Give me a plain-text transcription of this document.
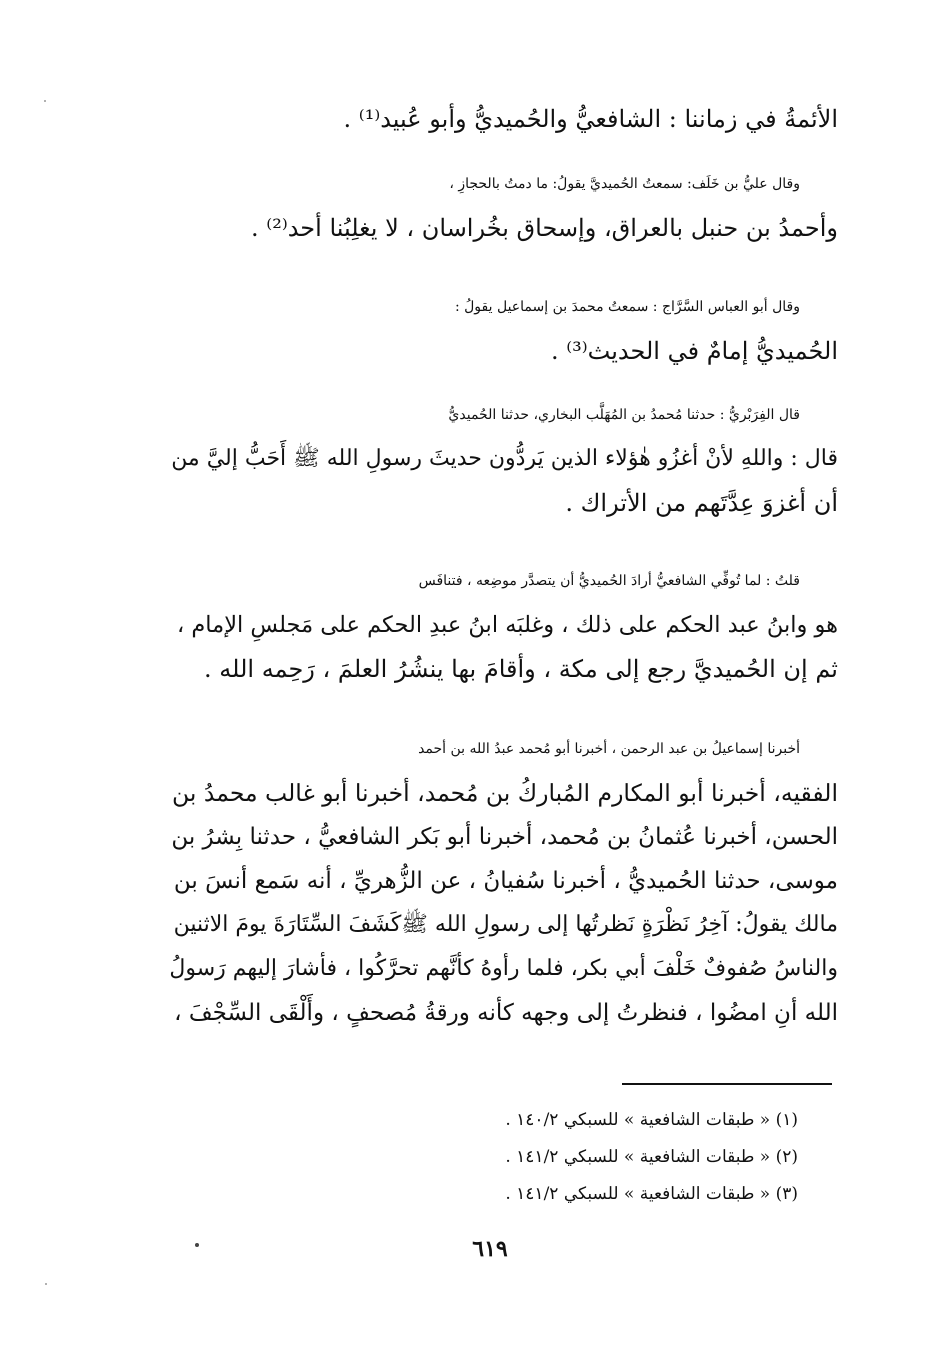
الأئمةُ في زماننا : الشافعيُّ والحُميديُّ وأبو عُبيد⁽¹⁾ .
وقال عليُّ بن خَلَف: سمعتُ الحُميديَّ يقولُ: ما دمتُ بالحجازِ ،
وأحمدُ بن حنبل بالعراق، وإسحاق بخُراسان ، لا يغلِبُنا أحد⁽²⁾ .
وقال أبو العباس السَّرَّاج : سمعتُ محمدَ بن إسماعيل يقولُ :
الحُميديُّ إمامٌ في الحديث⁽³⁾ .
قال الفِرَبْريُّ : حدثنا مُحمدُ بن المُهَلَّب البخاري، حدثنا الحُميديُّ
قال : واللهِ لأنْ أغزُو هٰؤلاء الذين يَردُّون حديثَ رسولِ الله ﷺ أَحَبُّ إليَّ من
أن أغزوَ عِدَّتَهم من الأتراك .
قلتُ : لما تُوفِّي الشافعيُّ أرادَ الحُميديُّ أن يتصدَّر موضِعه ، فتنافَس
هو وابنُ عبد الحكم على ذلك ، وغلبَه ابنُ عبدِ الحكم على مَجلسِ الإمام ،
ثم إن الحُميديَّ رجع إلى مكة ، وأقامَ بها ينشُرُ العلمَ ، رَحِمه الله .
أخبرنا إسماعيلُ بن عبد الرحمن ، أخبرنا أبو مُحمد عبدُ الله بن أحمد
الفقيه، أخبرنا أبو المكارم المُباركُ بن مُحمد، أخبرنا أبو غالب محمدُ بن
الحسن، أخبرنا عُثمانُ بن مُحمد، أخبرنا أبو بَكر الشافعيُّ ، حدثنا بِشرُ بن
موسى، حدثنا الحُميديُّ ، أخبرنا سُفيانُ ، عن الزُّهريِّ ، أنه سَمع أنسَ بن
مالك يقولُ: آخِرُ نَظْرَةٍ نَظرتُها إلى رسولِ الله ﷺكَشَفَ السِّتَارَةَ يومَ الاثنين
والناسُ صُفوفٌ خَلْفَ أبي بكر، فلما رأوهُ كأنَّهم تحرَّكُوا ، فأشارَ إليهم رَسولُ
الله أنِ امضُوا ، فنظرتُ إلى وجهه كأنه ورقةُ مُصحفٍ ، وأَلْقَى السِّجْفَ ،
(١) « طبقات الشافعية » للسبكي ١٤٠/٢ .
(٢) « طبقات الشافعية » للسبكي ١٤١/٢ .
(٣) « طبقات الشافعية » للسبكي ١٤١/٢ .
٦١٩
